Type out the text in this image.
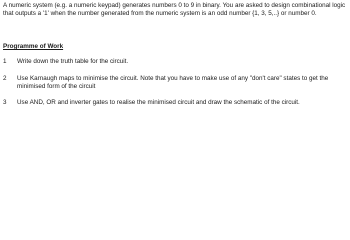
A numeric system (e.g. a numeric keypad) generates numbers 0 to 9 in binary. You are asked to design combinational logic that outputs a '1' when the number generated from the numeric system is an odd number {1, 3, 5,..} or number 0.

Programme of Work

1	Write down the truth table for the circuit.
2	Use Karnaugh maps to minimise the circuit. Note that you have to make use of any "don't care" states to get the minimised form of the circuit
3	Use AND, OR and inverter gates to realise the minimised circuit and draw the schematic of the circuit.
